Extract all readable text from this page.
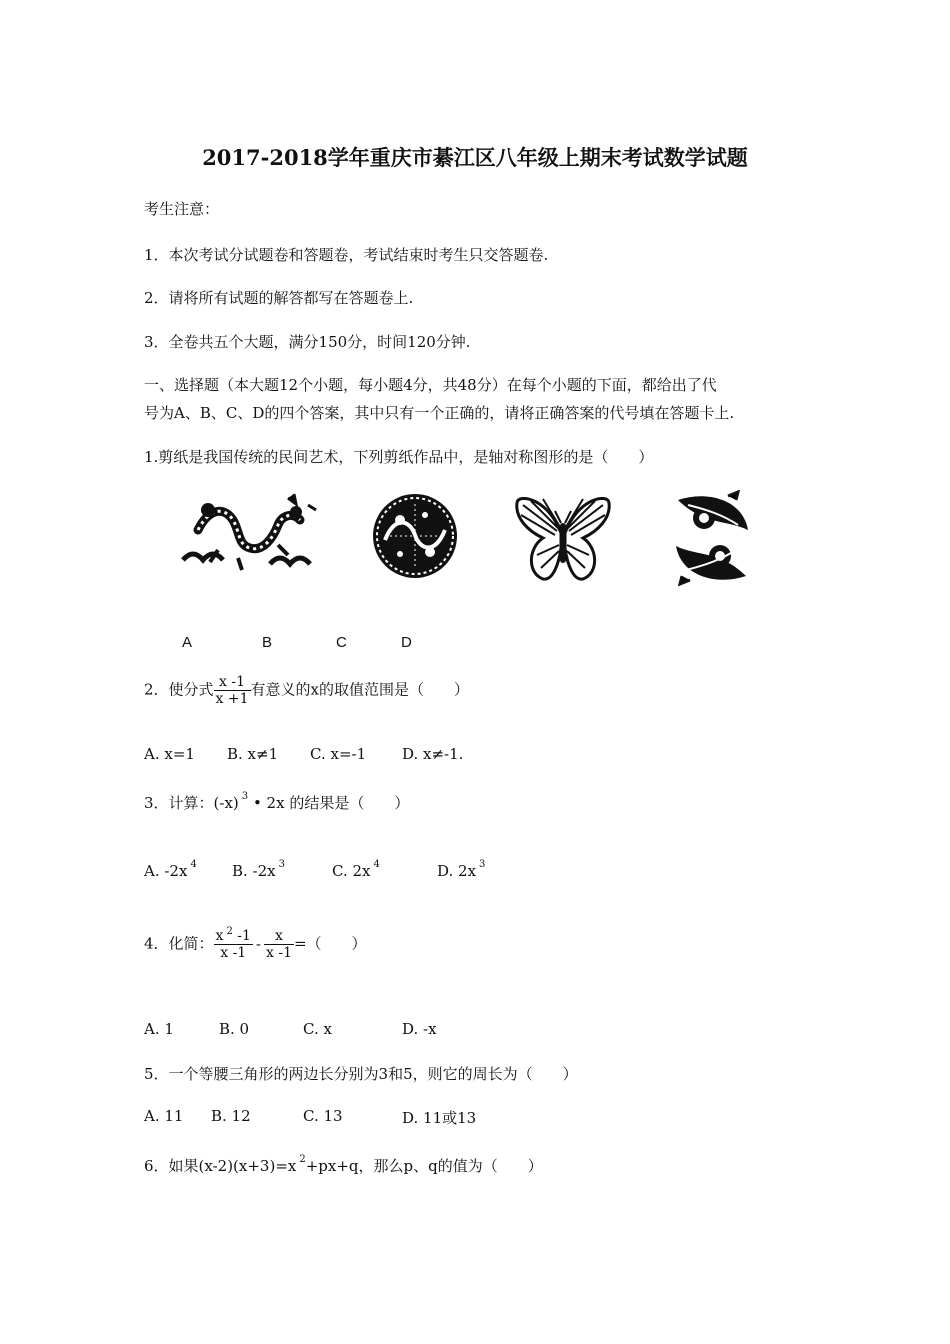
2017-2018学年重庆市綦江区八年级上期末考试数学试题
考生注意：
1．本次考试分试题卷和答题卷，考试结束时考生只交答题卷.
2．请将所有试题的解答都写在答题卷上.
3．全卷共五个大题，满分150分，时间120分钟.
一、选择题（本大题12个小题，每小题4分，共48分）在每个小题的下面，都给出了代
号为A、B、C、D的四个答案，其中只有一个正确的，请将正确答案的代号填在答题卡上.
1.剪纸是我国传统的民间艺术，下列剪纸作品中，是轴对称图形的是（　　）
A	B	C	D
2．使分式 $\frac{x -1}{x +1}$ 有意义的x的取值范围是（　　）
A. x=1 B. x≠1 C. x=-1 D. x≠-1.
3．计算：(-x) $^3$ • 2x 的结果是（　　）
A. -2x $^4$ B. -2x $^3$	C. 2x $^4$	D. 2x $^3$
4．化简： $\frac{x ^2 -1}{x -1} - \frac{x}{x -1}$ =（　　）
A. 1	B. 0	C. x	D. -x
5．一个等腰三角形的两边长分别为3和5，则它的周长为（　　）
A. 11 B. 12	C. 13	D. 11或13
6．如果(x-2)(x+3)=x $^2$+px+q，那么p、q的值为（　　）
